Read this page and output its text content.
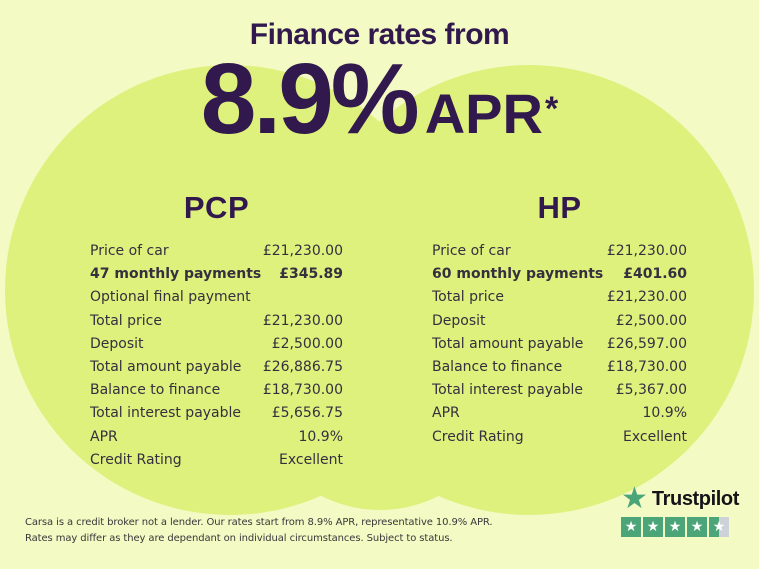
Finance rates from
8.9% APR *
PCP
Price of car	£21,230.00
47 monthly payments £345.89
Optional final payment
Total price	£21,230.00
Deposit	£2,500.00
Total amount payable £26,886.75
Balance to finance	£18,730.00
Total interest payable £5,656.75
APR	10.9%
Credit Rating	Excellent
HP
Price of car	£21,230.00
60 monthly payments £401.60
Total price	£21,230.00
Deposit	£2,500.00
Total amount payable £26,597.00
Balance to finance	£18,730.00
Total interest payable £5,367.00
APR	10.9%
Credit Rating	Excellent
Carsa is a credit broker not a lender. Our rates start from 8.9% APR, representative 10.9% APR.
Rates may differ as they are dependant on individual circumstances. Subject to status.
★ Trustpilot
★ ★ ★ ★ ★
